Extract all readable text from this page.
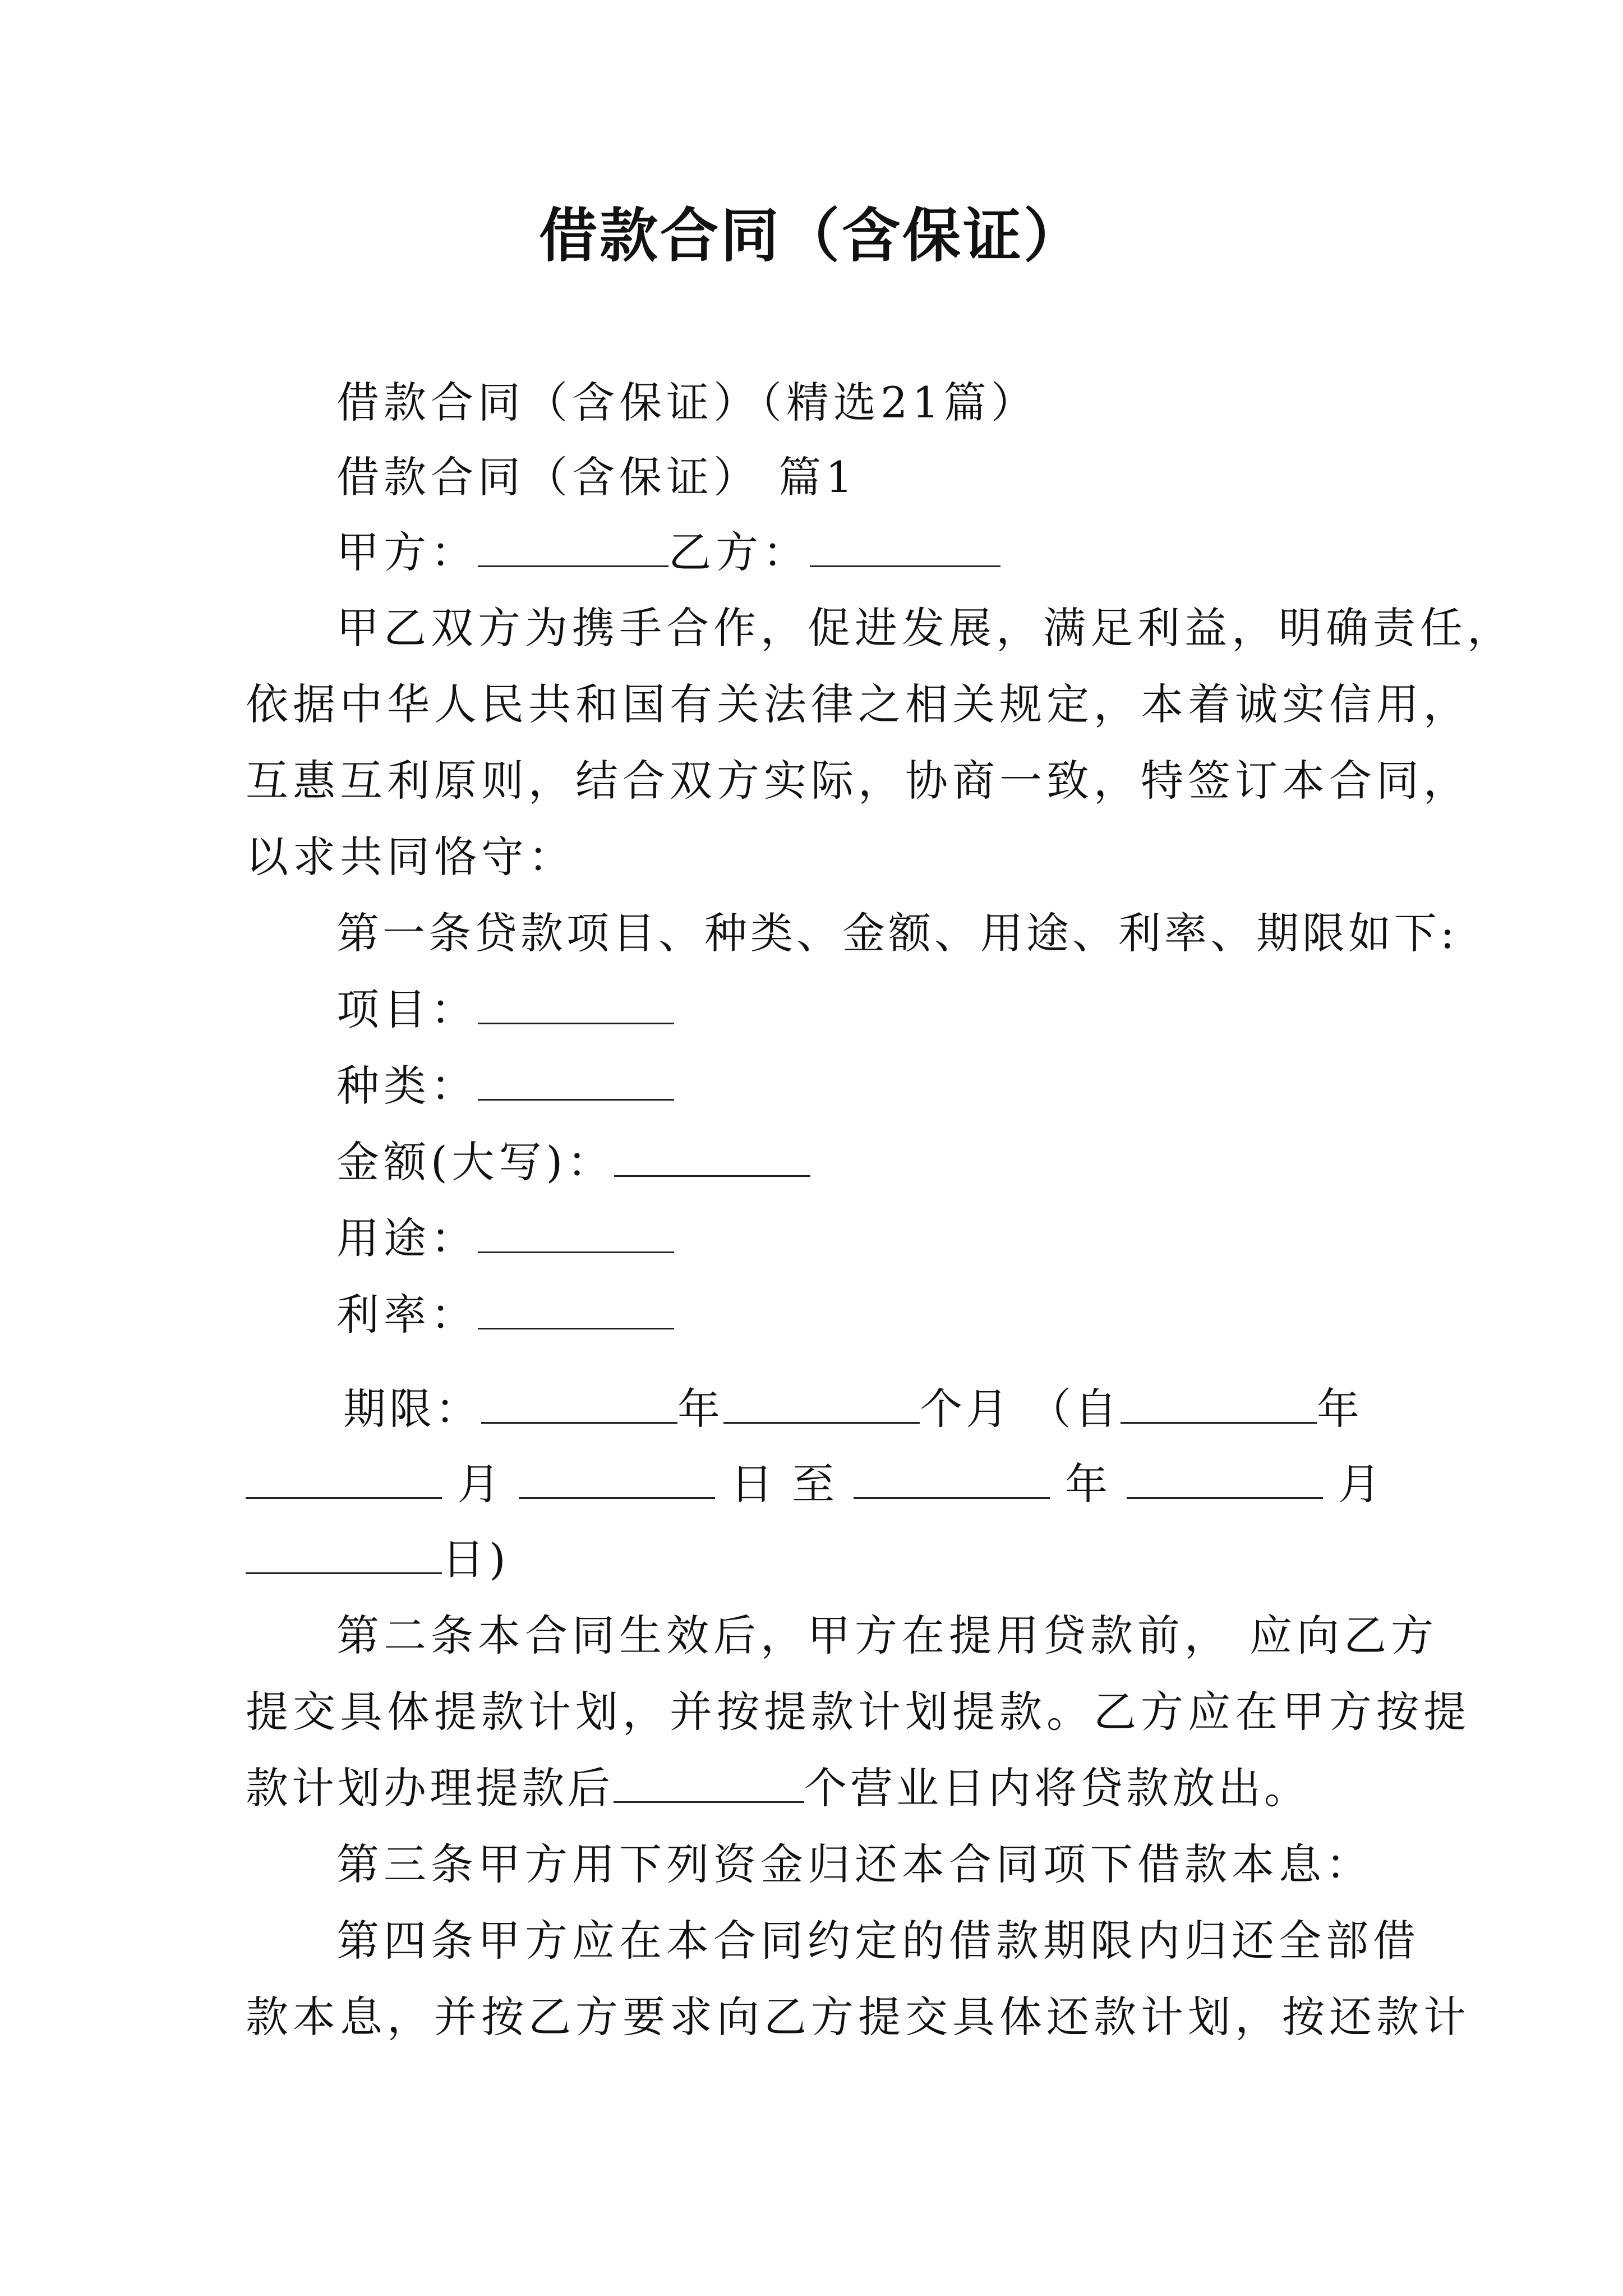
借款合同（含保证）
借款合同（含保证）（精选21篇）
借款合同（含保证） 篇1
甲方：	乙方：
甲乙双方为携手合作，促进发展，满足利益，明确责任，
依据中华人民共和国有关法律之相关规定，本着诚实信用，
互惠互利原则，结合双方实际，协商一致，特签订本合同，
以求共同恪守：
第一条贷款项目、种类、金额、用途、利率、期限如下:
项目：
种类：
金额(大写)：
用途：
利率：
期限：	年	个月 （自	年
月	日 至	年	月
日)
第二条本合同生效后，甲方在提用贷款前， 应向乙方
提交具体提款计划，并按提款计划提款。乙方应在甲方按提
款计划办理提款后	个营业日内将贷款放出。
第三条甲方用下列资金归还本合同项下借款本息：
第四条甲方应在本合同约定的借款期限内归还全部借
款本息，并按乙方要求向乙方提交具体还款计划，按还款计
